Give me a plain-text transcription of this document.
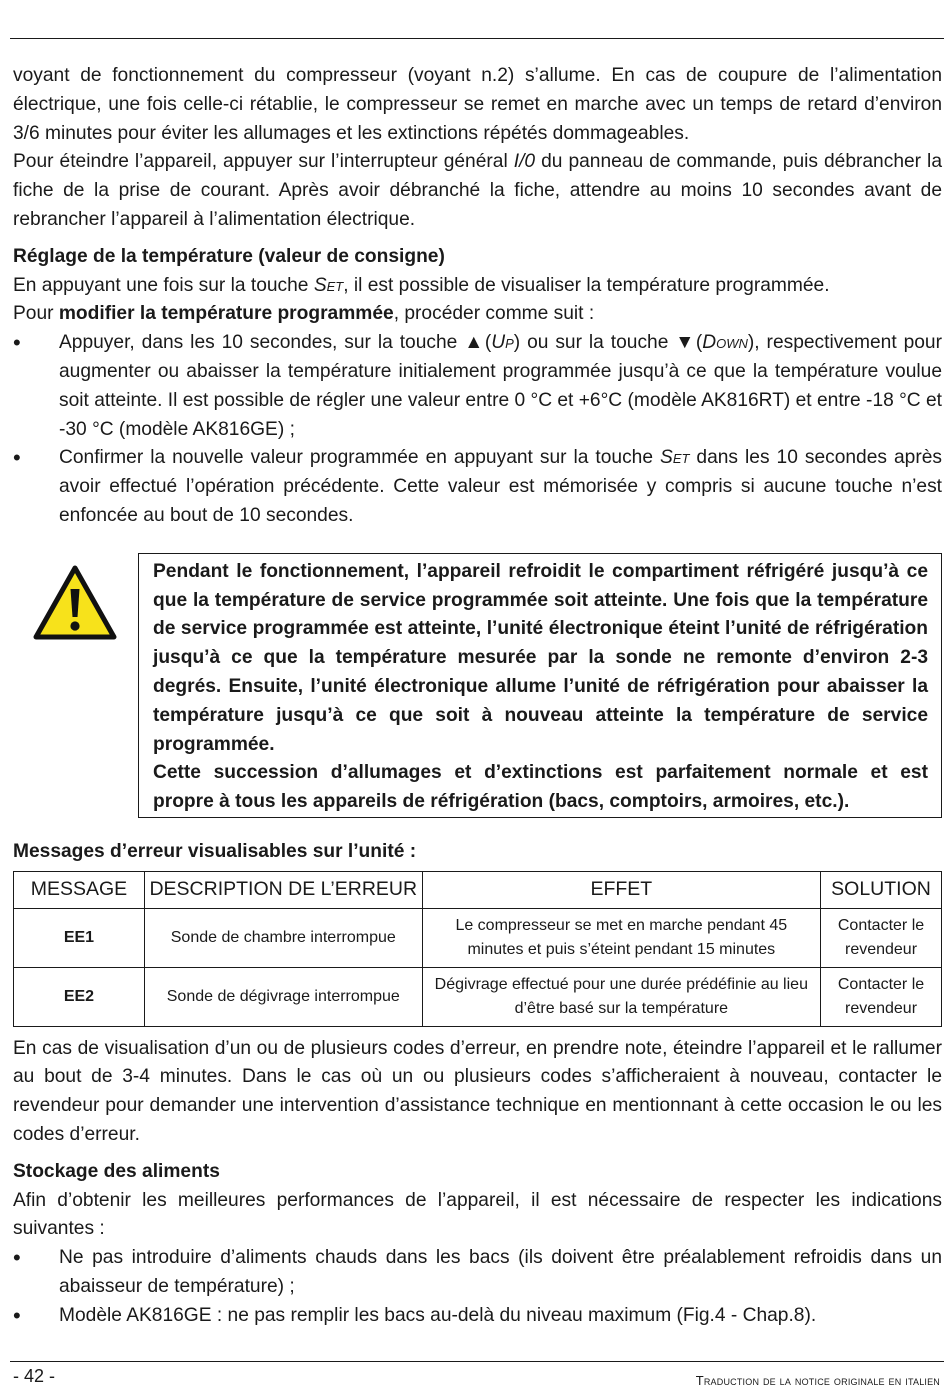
voyant de fonctionnement du compresseur (voyant n.2) s’allume. En cas de coupure de l’alimentation électrique, une fois celle-ci rétablie, le compresseur se remet en marche avec un temps de retard d’environ 3/6 minutes pour éviter les allumages et les extinctions répétés dommageables.

Pour éteindre l’appareil, appuyer sur l’interrupteur général I/0 du panneau de commande, puis débrancher la fiche de la prise de courant. Après avoir débranché la fiche, attendre au moins 10 secondes avant de rebrancher l’appareil à l’alimentation électrique.

Réglage de la température (valeur de consigne)

En appuyant une fois sur la touche Set, il est possible de visualiser la température programmée.

Pour modifier la température programmée, procéder comme suit :

• Appuyer, dans les 10 secondes, sur la touche ▲(Up) ou sur la touche ▼(Down), respectivement pour augmenter ou abaisser la température initialement programmée jusqu’à ce que la température voulue soit atteinte. Il est possible de régler une valeur entre 0 °C et +6°C (modèle AK816RT) et entre -18 °C et -30 °C (modèle AK816GE) ;
• Confirmer la nouvelle valeur programmée en appuyant sur la touche Set dans les 10 secondes après avoir effectué l’opération précédente. Cette valeur est mémorisée y compris si aucune touche n’est enfoncée au bout de 10 secondes.
Pendant le fonctionnement, l’appareil refroidit le compartiment réfrigéré jusqu’à ce que la température de service programmée soit atteinte. Une fois que la température de service programmée est atteinte, l’unité électronique éteint l’unité de réfrigération jusqu’à ce que la température mesurée par la sonde ne remonte d’environ 2-3 degrés. Ensuite, l’unité électronique allume l’unité de réfrigération pour abaisser la température jusqu’à ce que soit à nouveau atteinte la température de service programmée.
Cette succession d’allumages et d’extinctions est parfaitement normale et est propre à tous les appareils de réfrigération (bacs, comptoirs, armoires, etc.).
Messages d’erreur visualisables sur l’unité :
MESSAGE	DESCRIPTION DE L’ERREUR	EFFET	SOLUTION
EE1	Sonde de chambre interrompue	Le compresseur se met en marche pendant 45 minutes et puis s’éteint pendant 15 minutes	Contacter le revendeur
EE2	Sonde de dégivrage interrompue	Dégivrage effectué pour une durée prédéfinie au lieu d’être basé sur la température	Contacter le revendeur

En cas de visualisation d’un ou de plusieurs codes d’erreur, en prendre note, éteindre l’appareil et le rallumer au bout de 3-4 minutes. Dans le cas où un ou plusieurs codes s’afficheraient à nouveau, contacter le revendeur pour demander une intervention d’assistance technique en mentionnant à cette occasion le ou les codes d’erreur.

Stockage des aliments

Afin d’obtenir les meilleures performances de l’appareil, il est nécessaire de respecter les indications suivantes :

• Ne pas introduire d’aliments chauds dans les bacs (ils doivent être préalablement refroidis dans un abaisseur de température) ;
• Modèle AK816GE : ne pas remplir les bacs au-delà du niveau maximum (Fig.4 - Chap.8).
- 42 -	Traduction de la notice originale en italien
